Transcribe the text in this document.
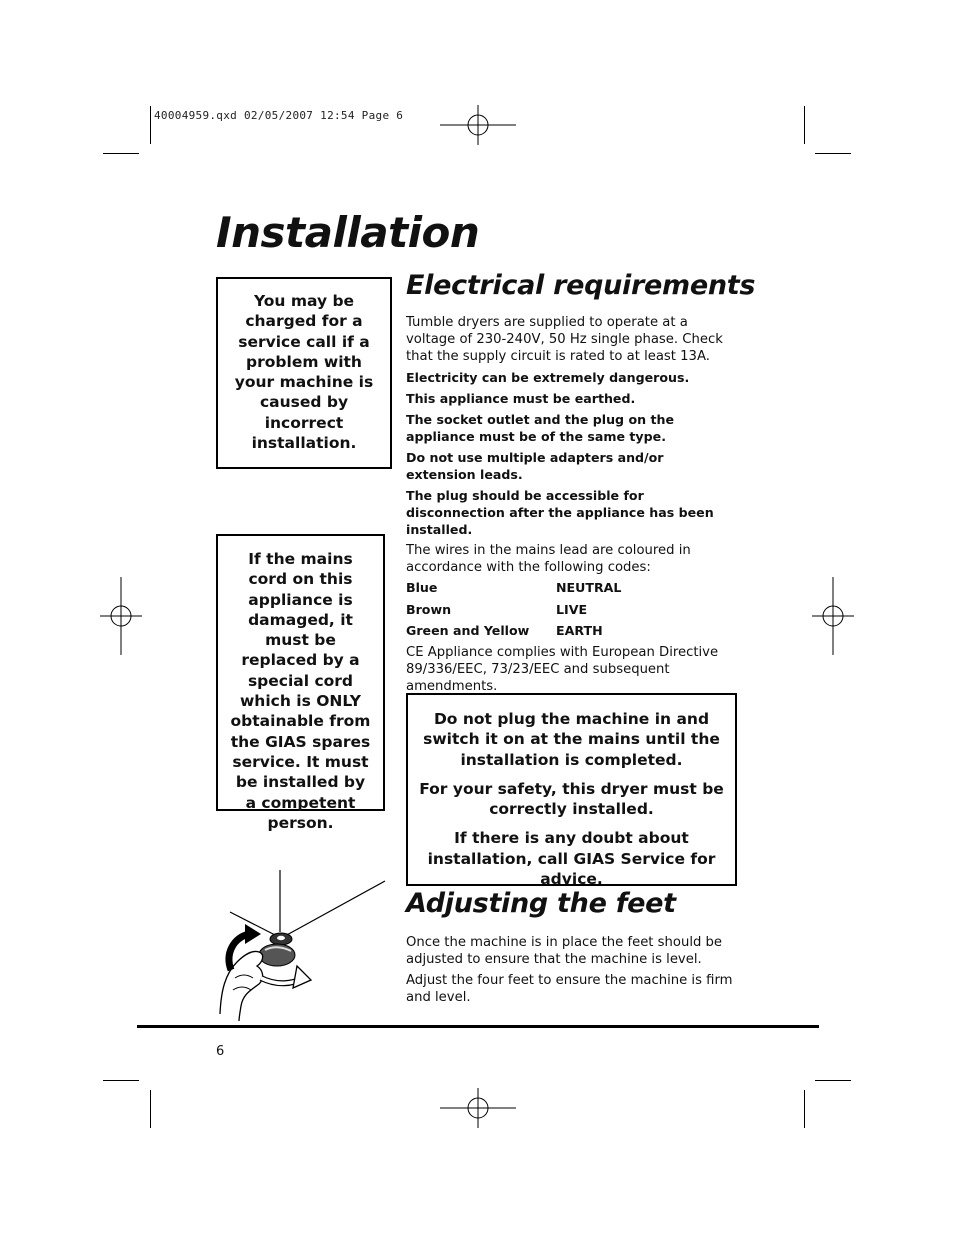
40004959.qxd 02/05/2007 12:54 Page 6
Installation

You may be charged for a service call if a problem with your machine is caused by incorrect installation.

If the mains cord on this appliance is damaged, it must be replaced by a special cord which is ONLY obtainable from the GIAS spares service. It must be installed by a competent person.

Electrical requirements

Tumble dryers are supplied to operate at a voltage of 230-240V, 50 Hz single phase. Check that the supply circuit is rated to at least 13A.

Electricity can be extremely dangerous.

This appliance must be earthed.

The socket outlet and the plug on the appliance must be of the same type.

Do not use multiple adapters and/or extension leads.

The plug should be accessible for disconnection after the appliance has been installed.

The wires in the mains lead are coloured in accordance with the following codes:

Blue	NEUTRAL
Brown	LIVE
Green and Yellow	EARTH

CE Appliance complies with European Directive 89/336/EEC, 73/23/EEC and subsequent amendments.

Do not plug the machine in and switch it on at the mains until the installation is completed.

For your safety, this dryer must be correctly installed.

If there is any doubt about installation, call GIAS Service for advice.

Adjusting the feet

Once the machine is in place the feet should be adjusted to ensure that the machine is level.

Adjust the four feet to ensure the machine is firm and level.

6
